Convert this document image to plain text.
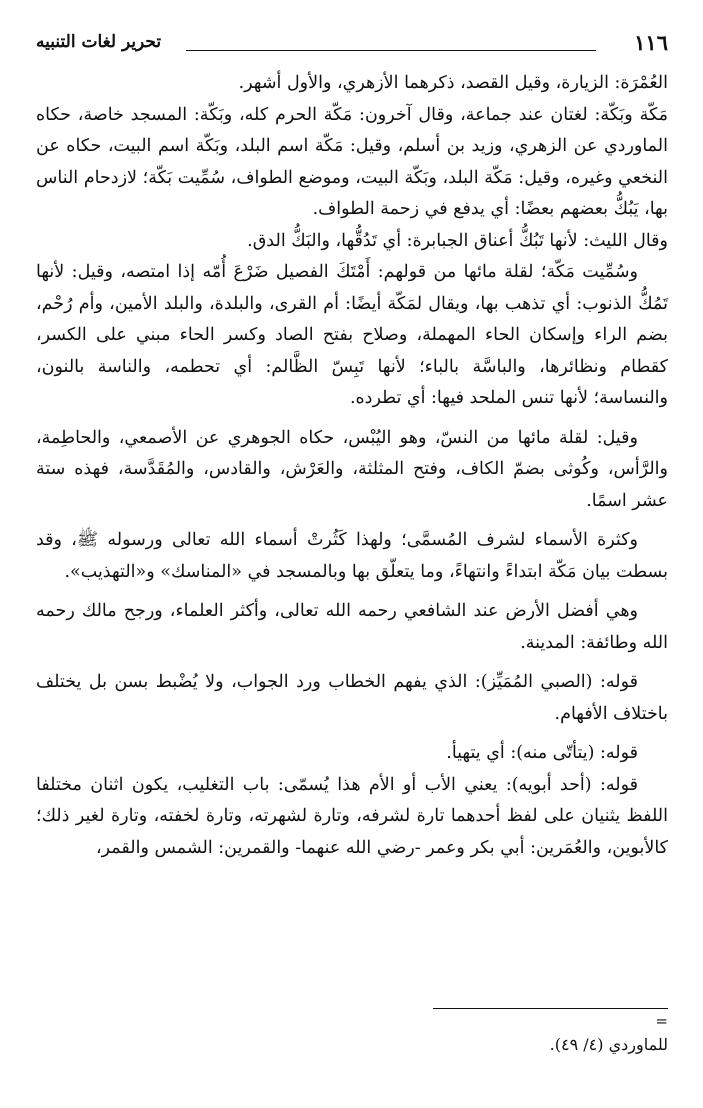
١١٦
تحرير لغات التنبيه

العُمْرَة: الزيارة، وقيل القصد، ذكرهما الأزهري، والأول أشهر.

مَكّة وبَكّة: لغتان عند جماعة، وقال آخرون: مَكّة الحرم كله، وبَكّة: المسجد خاصة، حكاه الماوردي عن الزهري، وزيد بن أسلم، وقيل: مَكّة اسم البلد، وبَكّة اسم البيت، حكاه عن النخعي وغيره، وقيل: مَكّة البلد، وبَكّة البيت، وموضع الطواف، سُمِّيت بَكّة؛ لازدحام الناس بها، يَبُكُّ بعضهم بعضًا: أي يدفع في زحمة الطواف.

وقال الليث: لأنها تَبُكُّ أعناق الجبابرة: أي تَدُقُّها، والبَكُّ الدق.

وسُمِّيت مَكّة؛ لقلة مائها من قولهم: أَمْتَكَ الفصيل ضَرْعَ أُمّه إذا امتصه، وقيل: لأنها تَمُكُّ الذنوب: أي تذهب بها، ويقال لمَكّة أيضًا: أم القرى، والبلدة، والبلد الأمين، وأم رُحْم، بضم الراء وإسكان الحاء المهملة، وصلاح بفتح الصاد وكسر الحاء مبني على الكسر، كقطام ونظائرها، والباسَّة بالباء؛ لأنها تَبِسّ الظَّالم: أي تحطمه، والناسة بالنون، والنساسة؛ لأنها تنس الملحد فيها: أي تطرده.

وقيل: لقلة مائها من النسّ، وهو اليُبْس، حكاه الجوهري عن الأصمعي، والحاطِمة، والرَّأس، وكُوثى بضمّ الكاف، وفتح المثلثة، والعَرْش، والقادس، والمُقَدَّسة، فهذه ستة عشر اسمًا.

وكثرة الأسماء لشرف المُسمَّى؛ ولهذا كَثُرتْ أسماء الله تعالى ورسوله ﷺ، وقد بسطت بيان مَكّة ابتداءً وانتهاءً، وما يتعلّق بها وبالمسجد في «المناسك» و«التهذيب».

وهي أفضل الأرض عند الشافعي رحمه الله تعالى، وأكثر العلماء، ورجح مالك رحمه الله وطائفة: المدينة.

قوله: (الصبي المُمَيِّز): الذي يفهم الخطاب ورد الجواب، ولا يُضْبط بسن بل يختلف باختلاف الأفهام.

قوله: (يتأتّى منه): أي يتهيأ.

قوله: (أحد أبويه): يعني الأب أو الأم هذا يُسمّى: باب التغليب، يكون اثنان مختلفا اللفظ يثنيان على لفظ أحدهما تارة لشرفه، وتارة لشهرته، وتارة لخفته، وتارة لغير ذلك؛ كالأبوين، والعُمَرين: أبي بكر وعمر -رضي الله عنهما- والقمرين: الشمس والقمر،

=
للماوردي (٤/ ٤٩).
